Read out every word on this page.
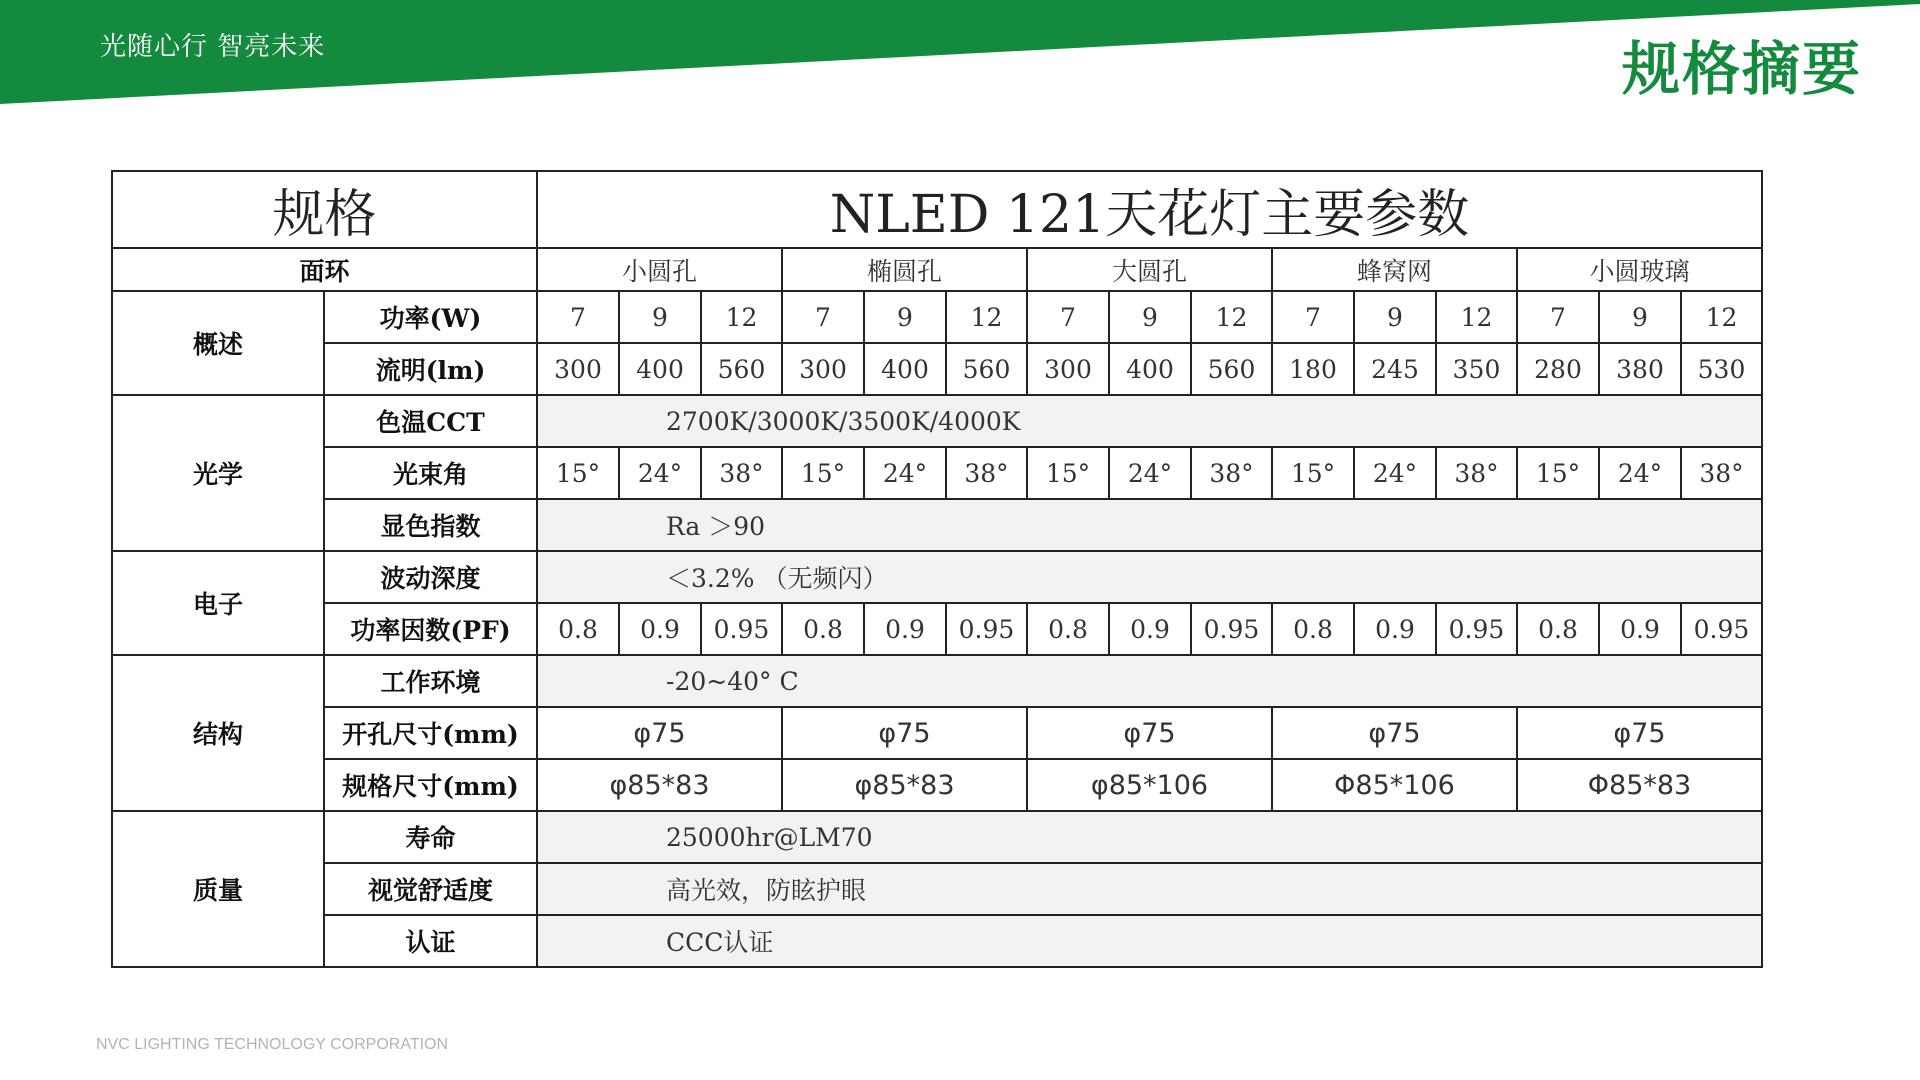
光随心行 智亮未来	规格摘要
规格		NLED 121天花灯主要参数														
面环		小圆孔			椭圆孔			大圆孔			蜂窝网			小圆玻璃		
概述	功率(W)	7	9	12	7	9	12	7	9	12	7	9	12	7	9	12
	流明(lm)	300	400	560	300	400	560	300	400	560	180	245	350	280	380	530
光学	色温CCT	2700K/3000K/3500K/4000K														
	光束角	15°	24°	38°	15°	24°	38°	15°	24°	38°	15°	24°	38°	15°	24°	38°
	显色指数	Ra ＞90														
电子	波动深度	＜3.2% （无频闪）														
	功率因数(PF)	0.8	0.9	0.95	0.8	0.9	0.95	0.8	0.9	0.95	0.8	0.9	0.95	0.8	0.9	0.95
结构	工作环境	-20~40° C														
	开孔尺寸(mm)	φ75			φ75			φ75			φ75			φ75		
	规格尺寸(mm)	φ85*83			φ85*83			φ85*106			Φ85*106			Φ85*83		
质量	寿命	25000hr@LM70														
	视觉舒适度	高光效，防眩护眼														
	认证	CCC认证														
NVC LIGHTING TECHNOLOGY CORPORATION
